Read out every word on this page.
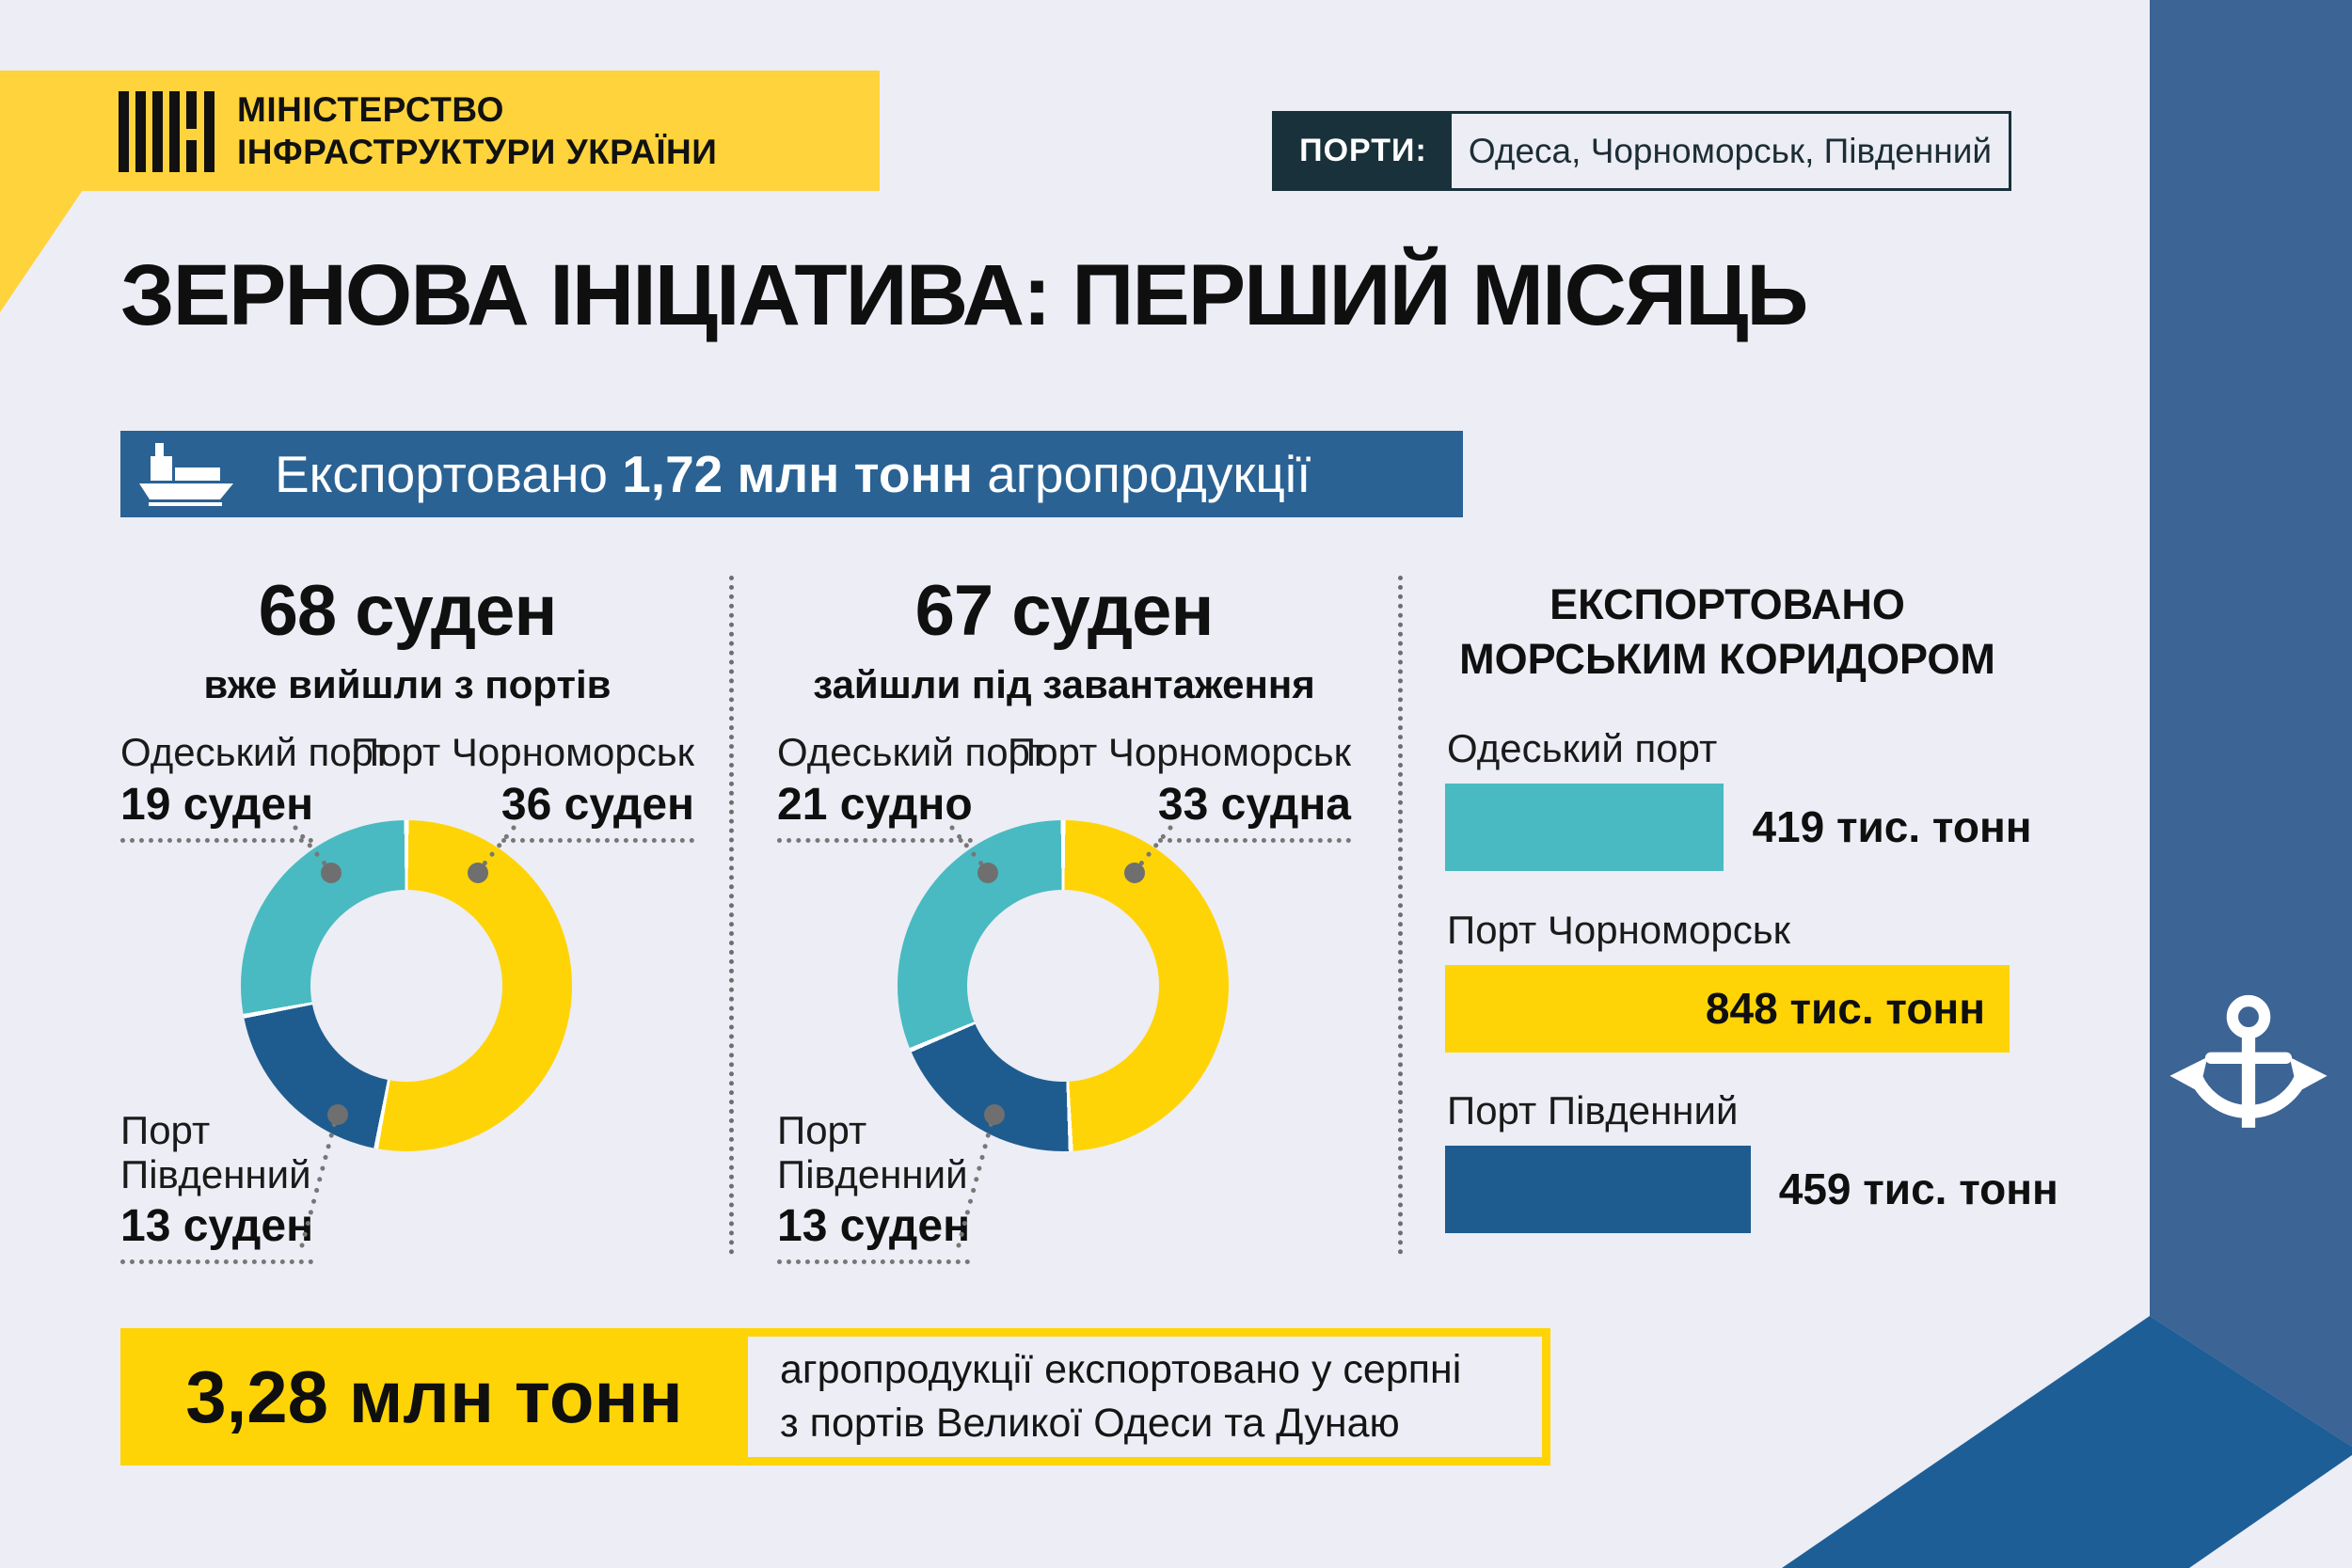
МІНІСТЕРСТВО
ІНФРАСТРУКТУРИ УКРАЇНИ	ПОРТИ:	Одеса, Чорноморськ, Південний
ЗЕРНОВА ІНІЦІАТИВА: ПЕРШИЙ МІСЯЦЬ
Експортовано 1,72 млн тонн агропродукції
68 суден
вже вийшли з портів
Одеський порт
19 суден
Порт Чорноморськ
36 суден
Порт
Південний
13 суден
67 суден
зайшли під завантаження
Одеський порт
21 судно
Порт Чорноморськ
33 судна
Порт
Південний
13 суден
ЕКСПОРТОВАНО
МОРСЬКИМ КОРИДОРОМ
Одеський порт
419 тис. тонн
Порт Чорноморськ
848 тис. тонн
Порт Південний
459 тис. тонн
3,28 млн тонн	агропродукції експортовано у серпні
з портів Великої Одеси та Дунаю
